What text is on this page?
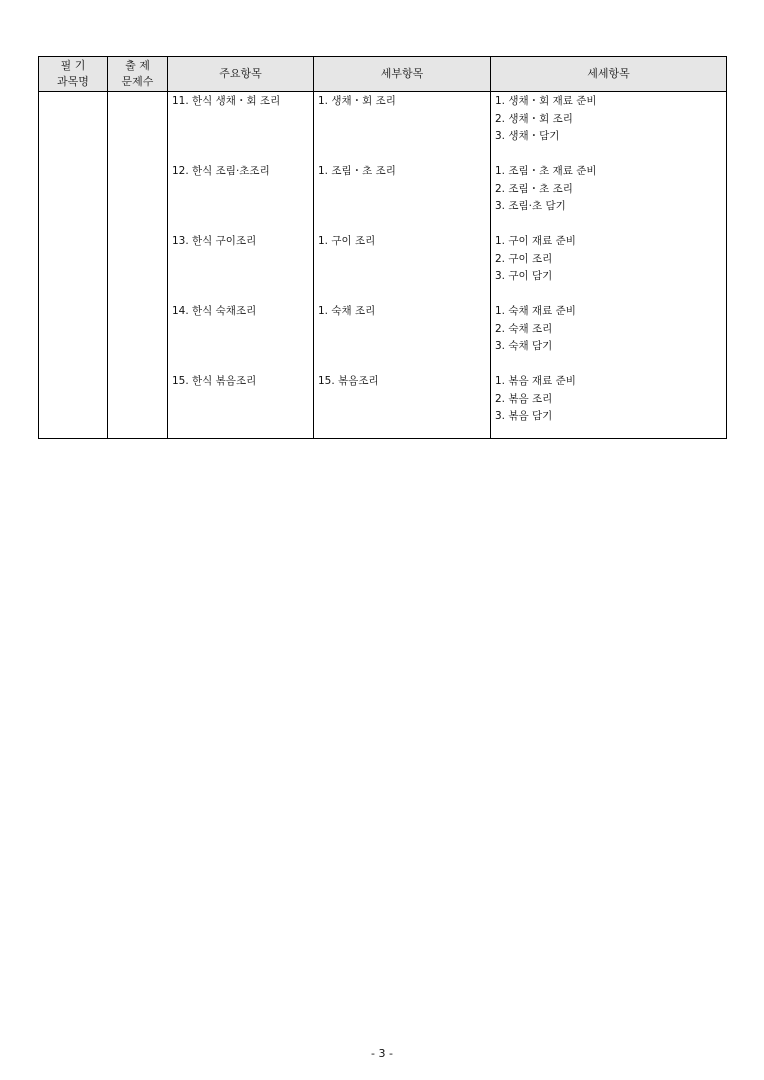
필 기
과목명
출 제
문제수
주요항목	세부항목	세세항목
11. 한식 생채・회 조리
12. 한식 조림·초조리
13. 한식 구이조리
14. 한식 숙채조리
15. 한식 볶음조리
1. 생채・회 조리
1. 조림・초 조리
1. 구이 조리
1. 숙채 조리
15. 볶음조리
1. 생채・회 재료 준비
2. 생채・회 조리
3. 생채・담기
1. 조림・초 재료 준비
2. 조림・초 조리
3. 조림·초 담기
1. 구이 재료 준비
2. 구이 조리
3. 구이 담기
1. 숙채 재료 준비
2. 숙채 조리
3. 숙채 담기
1. 볶음 재료 준비
2. 볶음 조리
3. 볶음 담기
- 3 -
